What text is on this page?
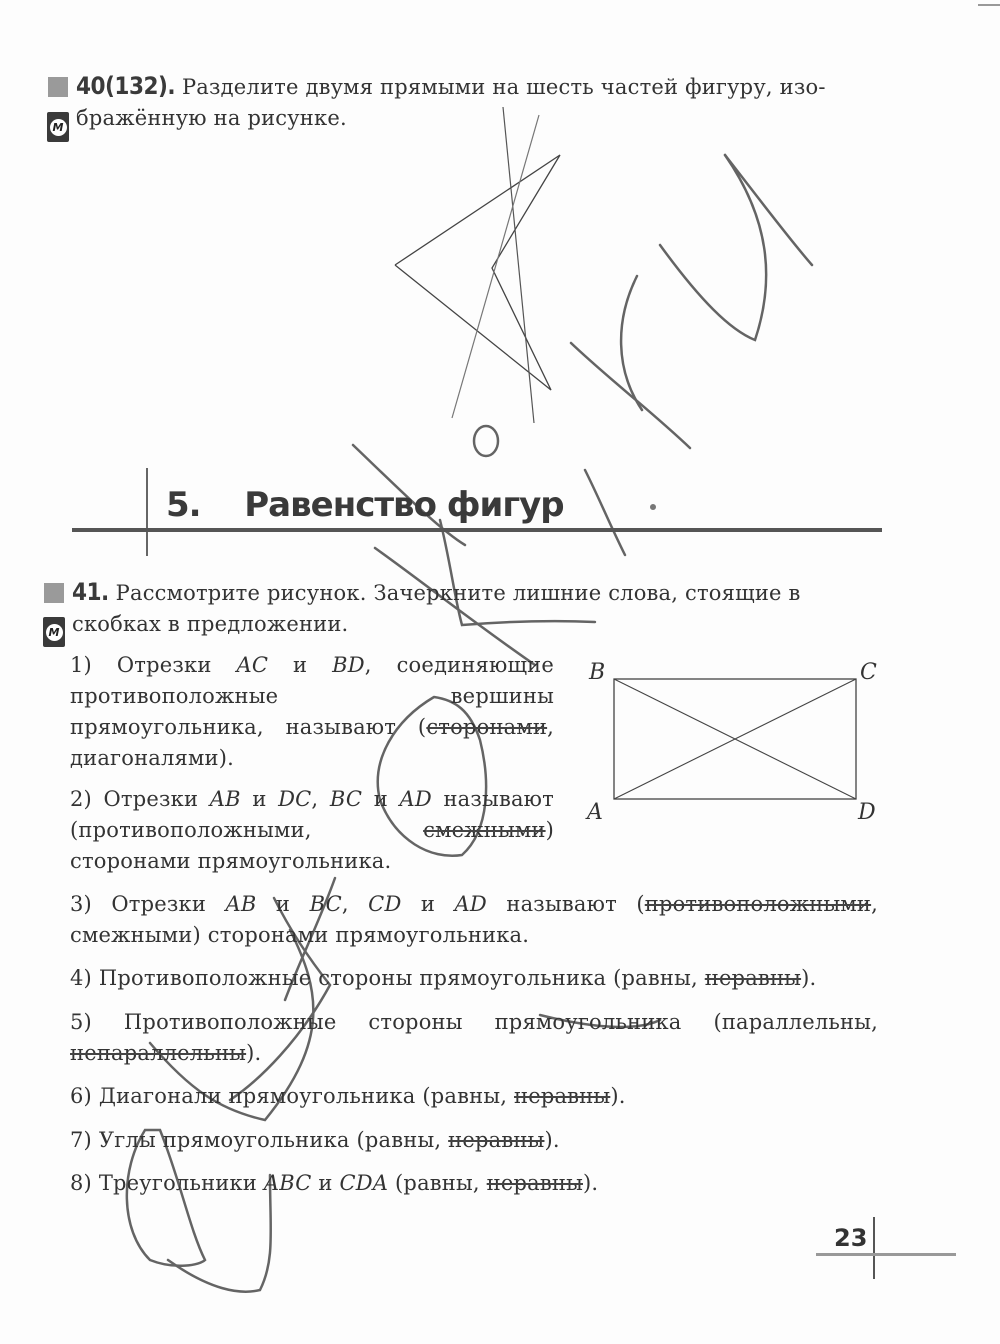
М
40(132). Разделите двумя прямыми на шесть частей фигуру, изо-
бражённую на рисунке.
5. Равенство фигур
М
41. Рассмотрите рисунок. Зачеркните лишние слова, стоящие в
скобках в предложении.
B	C
A	D
1) Отрезки AC и BD, соединяющие противоположные вершины прямоугольника, называют (сторонами, диагоналями).
2) Отрезки AB и DC, BC и AD называют (противоположными, смежными) сторонами прямоугольника.
3) Отрезки AB и BC, CD и AD называют (противоположными, смежными) сторонами прямоугольника.
4) Противоположные стороны прямоугольника (равны, неравны).
5) Противоположные стороны прямоугольника (параллельны, непараллельны).
6) Диагонали прямоугольника (равны, неравны).
7) Углы прямоугольника (равны, неравны).
8) Треугольники ABC и CDA (равны, неравны).
23
